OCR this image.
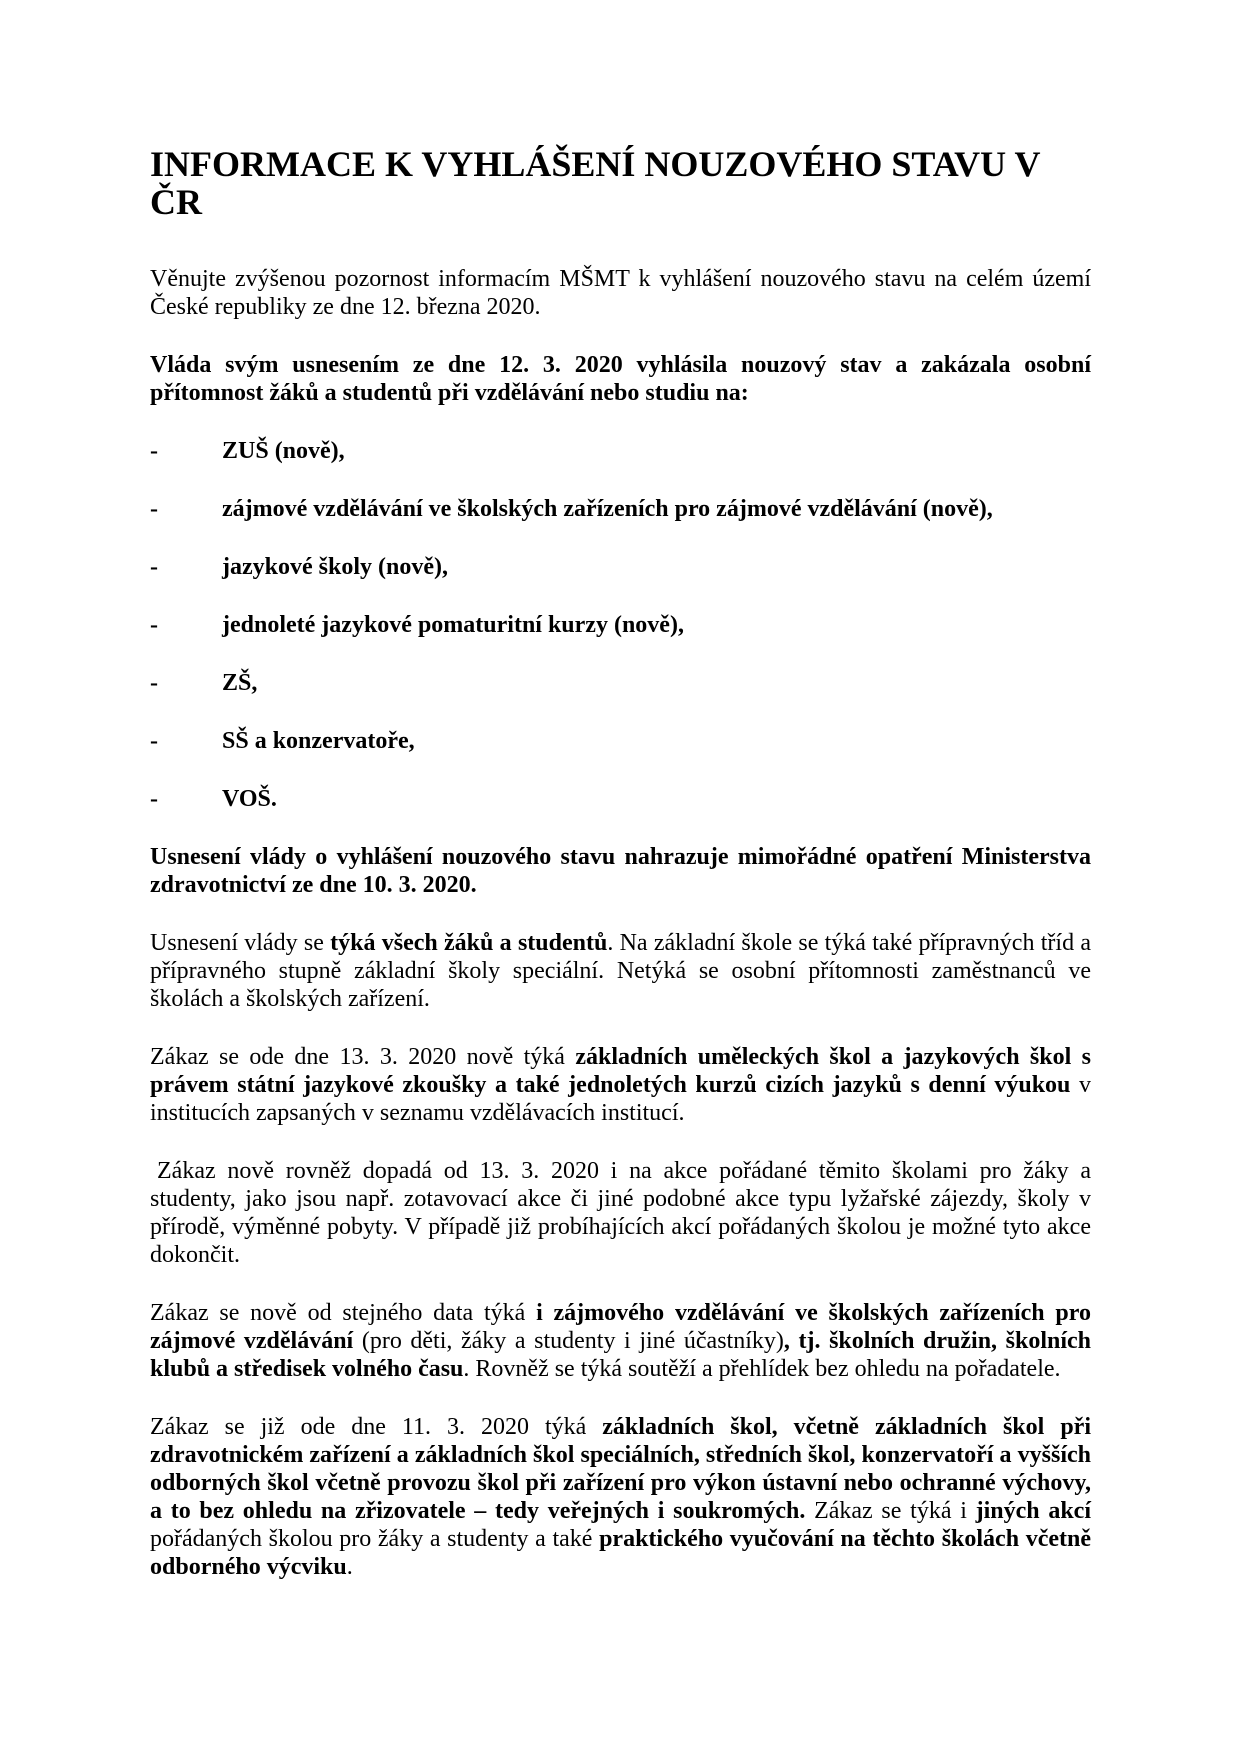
INFORMACE K VYHLÁŠENÍ NOUZOVÉHO STAVU V ČR

Věnujte zvýšenou pozornost informacím MŠMT k vyhlášení nouzového stavu na celém území České republiky ze dne 12. března 2020.

Vláda svým usnesením ze dne 12. 3. 2020 vyhlásila nouzový stav a zakázala osobní přítomnost žáků a studentů při vzdělávání nebo studiu na:

-	ZUŠ (nově),

-	zájmové vzdělávání ve školských zařízeních pro zájmové vzdělávání (nově),

-	jazykové školy (nově),

-	jednoleté jazykové pomaturitní kurzy (nově),

-	ZŠ,

-	SŠ a konzervatoře,

-	VOŠ.

Usnesení vlády o vyhlášení nouzového stavu nahrazuje mimořádné opatření Ministerstva zdravotnictví ze dne 10. 3. 2020.

Usnesení vlády se týká všech žáků a studentů. Na základní škole se týká také přípravných tříd a přípravného stupně základní školy speciální. Netýká se osobní přítomnosti zaměstnanců ve školách a školských zařízení.

Zákaz se ode dne 13. 3. 2020 nově týká základních uměleckých škol a jazykových škol s právem státní jazykové zkoušky a také jednoletých kurzů cizích jazyků s denní výukou v institucích zapsaných v seznamu vzdělávacích institucí.

Zákaz nově rovněž dopadá od 13. 3. 2020 i na akce pořádané těmito školami pro žáky a studenty, jako jsou např. zotavovací akce či jiné podobné akce typu lyžařské zájezdy, školy v přírodě, výměnné pobyty. V případě již probíhajících akcí pořádaných školou je možné tyto akce dokončit.

Zákaz se nově od stejného data týká i zájmového vzdělávání ve školských zařízeních pro zájmové vzdělávání (pro děti, žáky a studenty i jiné účastníky), tj. školních družin, školních klubů a středisek volného času. Rovněž se týká soutěží a přehlídek bez ohledu na pořadatele.

Zákaz se již ode dne 11. 3. 2020 týká základních škol, včetně základních škol při zdravotnickém zařízení a základních škol speciálních, středních škol, konzervatoří a vyšších odborných škol včetně provozu škol při zařízení pro výkon ústavní nebo ochranné výchovy, a to bez ohledu na zřizovatele – tedy veřejných i soukromých. Zákaz se týká i jiných akcí pořádaných školou pro žáky a studenty a také praktického vyučování na těchto školách včetně odborného výcviku.
